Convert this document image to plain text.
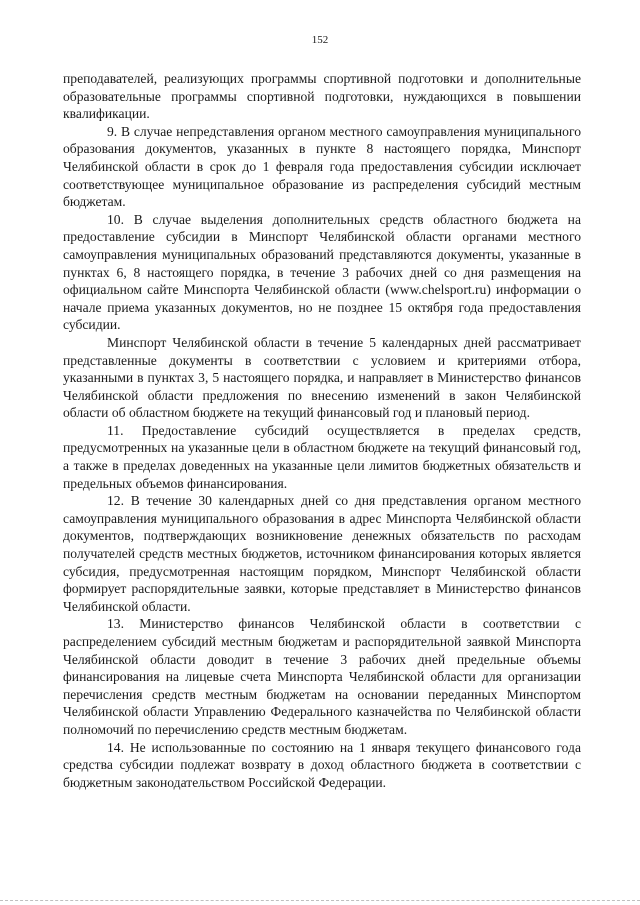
152

преподавателей, реализующих программы спортивной подготовки и дополнительные образовательные программы спортивной подготовки, нуждающихся в повышении квалификации.

9. В случае непредставления органом местного самоуправления муниципального образования документов, указанных в пункте 8 настоящего порядка, Минспорт Челябинской области в срок до 1 февраля года предоставления субсидии исключает соответствующее муниципальное образование из распределения субсидий местным бюджетам.

10. В случае выделения дополнительных средств областного бюджета на предоставление субсидии в Минспорт Челябинской области органами местного самоуправления муниципальных образований представляются документы, указанные в пунктах 6, 8 настоящего порядка, в течение 3 рабочих дней со дня размещения на официальном сайте Минспорта Челябинской области (www.chelsport.ru) информации о начале приема указанных документов, но не позднее 15 октября года предоставления субсидии.

Минспорт Челябинской области в течение 5 календарных дней рассматривает представленные документы в соответствии с условием и критериями отбора, указанными в пунктах 3, 5 настоящего порядка, и направляет в Министерство финансов Челябинской области предложения по внесению изменений в закон Челябинской области об областном бюджете на текущий финансовый год и плановый период.

11. Предоставление субсидий осуществляется в пределах средств, предусмотренных на указанные цели в областном бюджете на текущий финансовый год, а также в пределах доведенных на указанные цели лимитов бюджетных обязательств и предельных объемов финансирования.

12. В течение 30 календарных дней со дня представления органом местного самоуправления муниципального образования в адрес Минспорта Челябинской области документов, подтверждающих возникновение денежных обязательств по расходам получателей средств местных бюджетов, источником финансирования которых является субсидия, предусмотренная настоящим порядком, Минспорт Челябинской области формирует распорядительные заявки, которые представляет в Министерство финансов Челябинской области.

13. Министерство финансов Челябинской области в соответствии с распределением субсидий местным бюджетам и распорядительной заявкой Минспорта Челябинской области доводит в течение 3 рабочих дней предельные объемы финансирования на лицевые счета Минспорта Челябинской области для организации перечисления средств местным бюджетам на основании переданных Минспортом Челябинской области Управлению Федерального казначейства по Челябинской области полномочий по перечислению средств местным бюджетам.

14. Не использованные по состоянию на 1 января текущего финансового года средства субсидии подлежат возврату в доход областного бюджета в соответствии с бюджетным законодательством Российской Федерации.
